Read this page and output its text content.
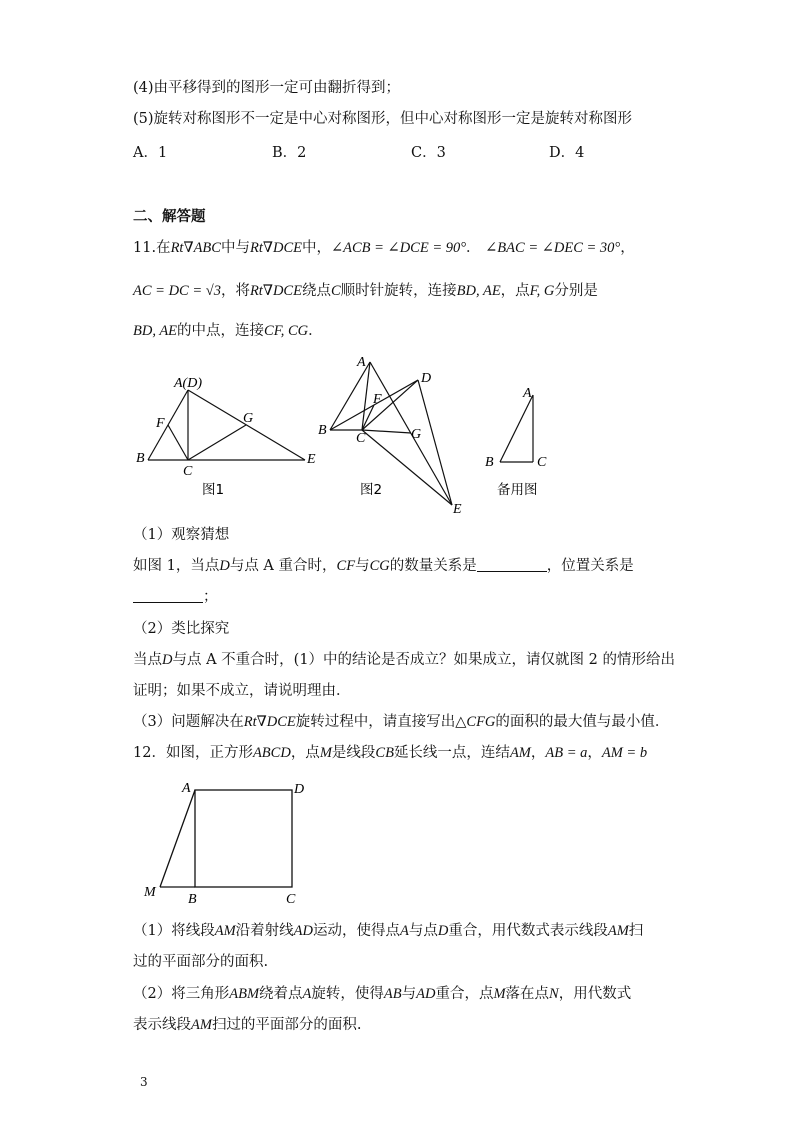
(4)由平移得到的图形一定可由翻折得到；
(5)旋转对称图形不一定是中心对称图形，但中心对称图形一定是旋转对称图形
A．1	B．2	C．3	D．4
二、解答题
11.在Rt∇ABC中与Rt∇DCE中，∠ACB = ∠DCE = 90°． ∠BAC = ∠DEC = 30°，
AC = DC = √3，将Rt∇DCE绕点C顺时针旋转，连接BD, AE，点F, G分别是
BD, AE的中点，连接CF, CG．
A(D)
F	G
B
C
E
A
D
F
B
C	G
E
A
B	C
图1	图2	备用图
（1）观察猜想
如图 1，当点D与点 A 重合时，CF与CG的数量关系是	，位置关系是
；
（2）类比探究
当点D与点 A 不重合时，(1）中的结论是否成立？如果成立，请仅就图 2 的情形给出
证明；如果不成立，请说明理由．
（3）问题解决在Rt∇DCE旋转过程中，请直接写出△CFG的面积的最大值与最小值．
12．如图，正方形ABCD，点M是线段CB延长线一点，连结AM，AB = a，AM = b
A	D
M B	C
（1）将线段AM沿着射线AD运动，使得点A与点D重合，用代数式表示线段AM扫
过的平面部分的面积.
（2）将三角形ABM绕着点A旋转，使得AB与AD重合，点M落在点N，用代数式
表示线段AM扫过的平面部分的面积.
3
